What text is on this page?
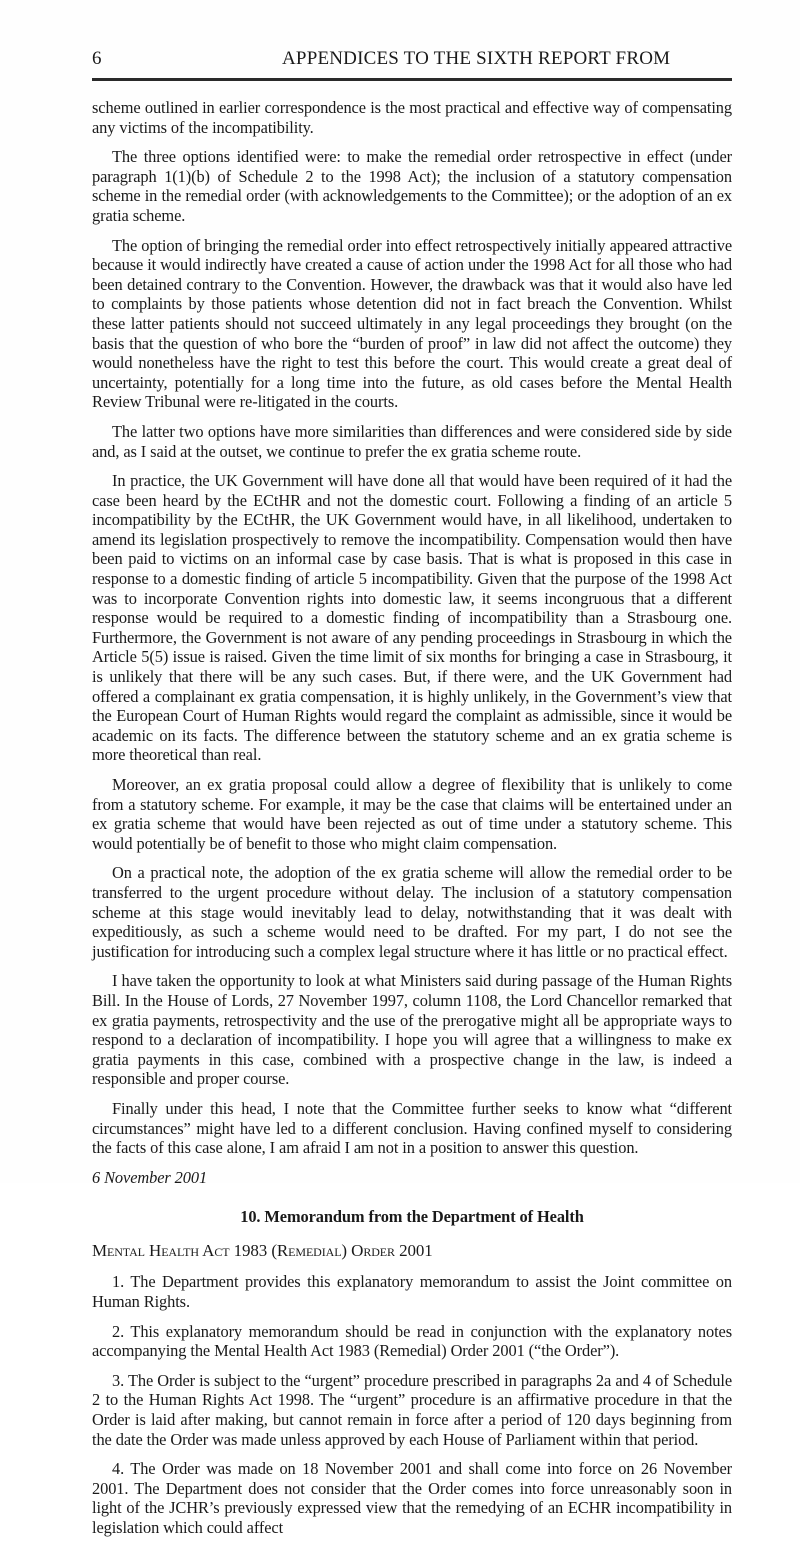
6	APPENDICES TO THE SIXTH REPORT FROM

scheme outlined in earlier correspondence is the most practical and effective way of compensating any victims of the incompatibility.

The three options identified were: to make the remedial order retrospective in effect (under paragraph 1(1)(b) of Schedule 2 to the 1998 Act); the inclusion of a statutory compensation scheme in the remedial order (with acknowledgements to the Committee); or the adoption of an ex gratia scheme.

The option of bringing the remedial order into effect retrospectively initially appeared attractive because it would indirectly have created a cause of action under the 1998 Act for all those who had been detained contrary to the Convention. However, the drawback was that it would also have led to complaints by those patients whose detention did not in fact breach the Convention. Whilst these latter patients should not succeed ultimately in any legal proceedings they brought (on the basis that the question of who bore the “burden of proof” in law did not affect the outcome) they would nonetheless have the right to test this before the court. This would create a great deal of uncertainty, potentially for a long time into the future, as old cases before the Mental Health Review Tribunal were re-litigated in the courts.

The latter two options have more similarities than differences and were considered side by side and, as I said at the outset, we continue to prefer the ex gratia scheme route.

In practice, the UK Government will have done all that would have been required of it had the case been heard by the ECtHR and not the domestic court. Following a finding of an article 5 incompatibility by the ECtHR, the UK Government would have, in all likelihood, undertaken to amend its legislation prospectively to remove the incompatibility. Compensation would then have been paid to victims on an informal case by case basis. That is what is proposed in this case in response to a domestic finding of article 5 incompatibility. Given that the purpose of the 1998 Act was to incorporate Convention rights into domestic law, it seems incongruous that a different response would be required to a domestic finding of incompatibility than a Strasbourg one. Furthermore, the Government is not aware of any pending proceedings in Strasbourg in which the Article 5(5) issue is raised. Given the time limit of six months for bringing a case in Strasbourg, it is unlikely that there will be any such cases. But, if there were, and the UK Government had offered a complainant ex gratia compensation, it is highly unlikely, in the Government’s view that the European Court of Human Rights would regard the complaint as admissible, since it would be academic on its facts. The difference between the statutory scheme and an ex gratia scheme is more theoretical than real.

Moreover, an ex gratia proposal could allow a degree of flexibility that is unlikely to come from a statutory scheme. For example, it may be the case that claims will be entertained under an ex gratia scheme that would have been rejected as out of time under a statutory scheme. This would potentially be of benefit to those who might claim compensation.

On a practical note, the adoption of the ex gratia scheme will allow the remedial order to be transferred to the urgent procedure without delay. The inclusion of a statutory compensation scheme at this stage would inevitably lead to delay, notwithstanding that it was dealt with expeditiously, as such a scheme would need to be drafted. For my part, I do not see the justification for introducing such a complex legal structure where it has little or no practical effect.

I have taken the opportunity to look at what Ministers said during passage of the Human Rights Bill. In the House of Lords, 27 November 1997, column 1108, the Lord Chancellor remarked that ex gratia payments, retrospectivity and the use of the prerogative might all be appropriate ways to respond to a declaration of incompatibility. I hope you will agree that a willingness to make ex gratia payments in this case, combined with a prospective change in the law, is indeed a responsible and proper course.

Finally under this head, I note that the Committee further seeks to know what “different circumstances” might have led to a different conclusion. Having confined myself to considering the facts of this case alone, I am afraid I am not in a position to answer this question.

6 November 2001

10. Memorandum from the Department of Health
Mental Health Act 1983 (Remedial) Order 2001

1. The Department provides this explanatory memorandum to assist the Joint committee on Human Rights.

2. This explanatory memorandum should be read in conjunction with the explanatory notes accompanying the Mental Health Act 1983 (Remedial) Order 2001 (“the Order”).

3. The Order is subject to the “urgent” procedure prescribed in paragraphs 2a and 4 of Schedule 2 to the Human Rights Act 1998. The “urgent” procedure is an affirmative procedure in that the Order is laid after making, but cannot remain in force after a period of 120 days beginning from the date the Order was made unless approved by each House of Parliament within that period.

4. The Order was made on 18 November 2001 and shall come into force on 26 November 2001. The Department does not consider that the Order comes into force unreasonably soon in light of the JCHR’s previously expressed view that the remedying of an ECHR incompatibility in legislation which could affect
